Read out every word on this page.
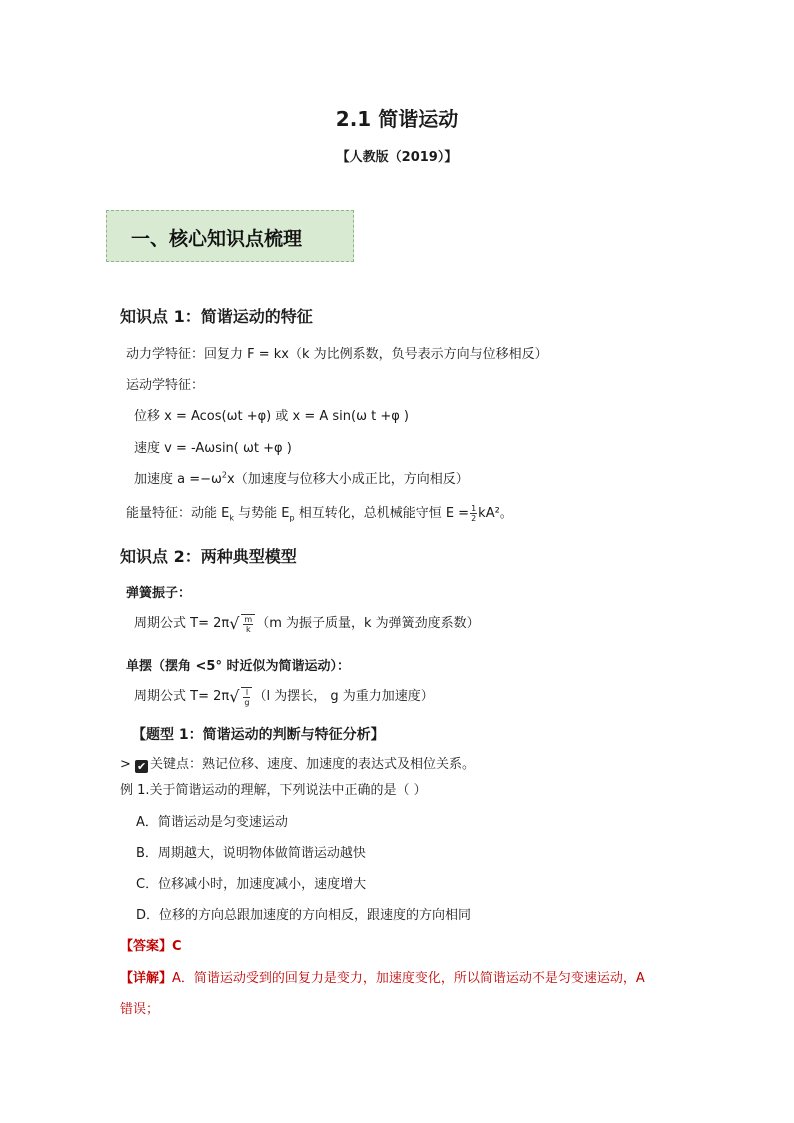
2.1 简谐运动
【人教版（2019）】
一、核心知识点梳理
知识点 1：简谐运动的特征
动力学特征：回复力 F = kx（k 为比例系数，负号表示方向与位移相反）
运动学特征：
位移 x = Acos(ωt +φ) 或 x = A sin(ω t +φ )
速度 v = -Aωsin( ωt +φ )
加速度 $a =-\omega^2x$（加速度与位移大小成正比，方向相反）
能量特征：动能 $E_k$ 与势能 $E_p$ 相互转化，总机械能守恒 $E = \frac{1}{2} kA^2$。
知识点 2：两种典型模型
弹簧振子：
周期公式 $T= 2\pi√ \frac{m}{k} (m$ 为振子质量，k 为弹簧劲度系数）
单摆（摆角 <5° 时近似为简谐运动）：
周期公式 $T= 2\pi√ \frac{l}{g} (l$ 为摆长， g 为重力加速度）
【题型 1：简谐运动的判断与特征分析】
> ✔ 关键点：熟记位移、速度、加速度的表达式及相位关系。
例 1.关于简谐运动的理解，下列说法中正确的是（ ）
A．简谐运动是匀变速运动
B．周期越大，说明物体做简谐运动越快
C．位移减小时，加速度减小，速度增大
D．位移的方向总跟加速度的方向相反，跟速度的方向相同
【答案】C
【详解】A．简谐运动受到的回复力是变力，加速度变化，所以简谐运动不是匀变速运动，A
错误；
